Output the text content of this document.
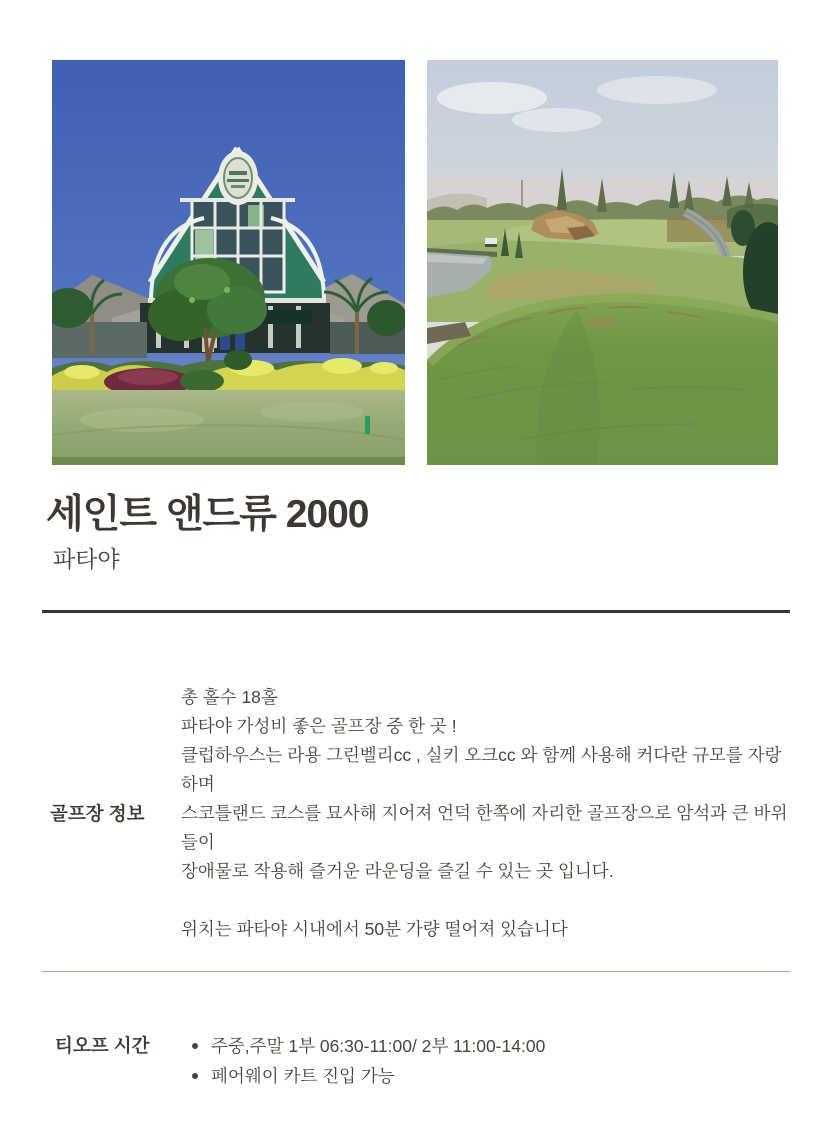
세인트 앤드류 2000

파타야

골프장 정보
총 홀수 18홀
파타야 가성비 좋은 골프장 중 한 곳 !
클럽하우스는 라용 그린벨리cc , 실키 오크cc 와 함께 사용해 커다란 규모를 자랑하며
스코틀랜드 코스를 묘사해 지어져 언덕 한쪽에 자리한 골프장으로 암석과 큰 바위들이
장애물로 작용해 즐거운 라운딩을 즐길 수 있는 곳 입니다.

위치는 파타야 시내에서 50분 가량 떨어져 있습니다
티오프 시간	주중,주말 1부 06:30-11:00/ 2부 11:00-14:00
페어웨이 카트 진입 가능
